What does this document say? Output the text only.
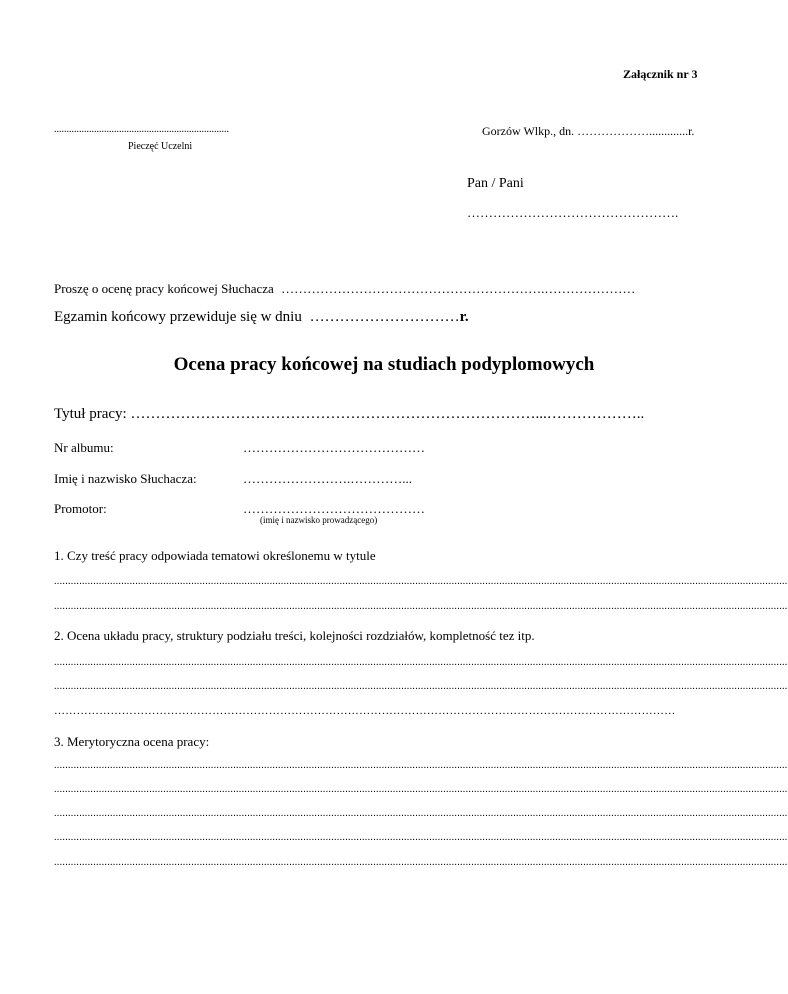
Załącznik nr 3
......................................................................
Pieczęć Uczelni
Gorzów Wlkp., dn. ……………….............r.
Pan / Pani
………………………………………….
Proszę o ocenę pracy końcowej Słuchacza …………………………………………………….…………………
Egzamin końcowy przewiduje się w dniu …………………………r.
Ocena pracy końcowej na studiach podyplomowych
Tytuł pracy: ………………………………………………………………………...………………..
Nr albumu:	……………………………………
Imię i nazwisko Słuchacza:	…………………….…………...
Promotor:	……………………………………
(imię i nazwisko prowadzącego)
1. Czy treść pracy odpowiada tematowi określonemu w tytule
......................................................................................................................................................................................................................................................................
......................................................................................................................................................................................................................................................................
2. Ocena układu pracy, struktury podziału treści, kolejności rozdziałów, kompletność tez itp.
......................................................................................................................................................................................................................................................................
......................................................................................................................................................................................................................................................................
…………………………………………………………………………………………………………………………………………………
3. Merytoryczna ocena pracy:
......................................................................................................................................................................................................................................................................
......................................................................................................................................................................................................................................................................
......................................................................................................................................................................................................................................................................
......................................................................................................................................................................................................................................................................
......................................................................................................................................................................................................................................................................
